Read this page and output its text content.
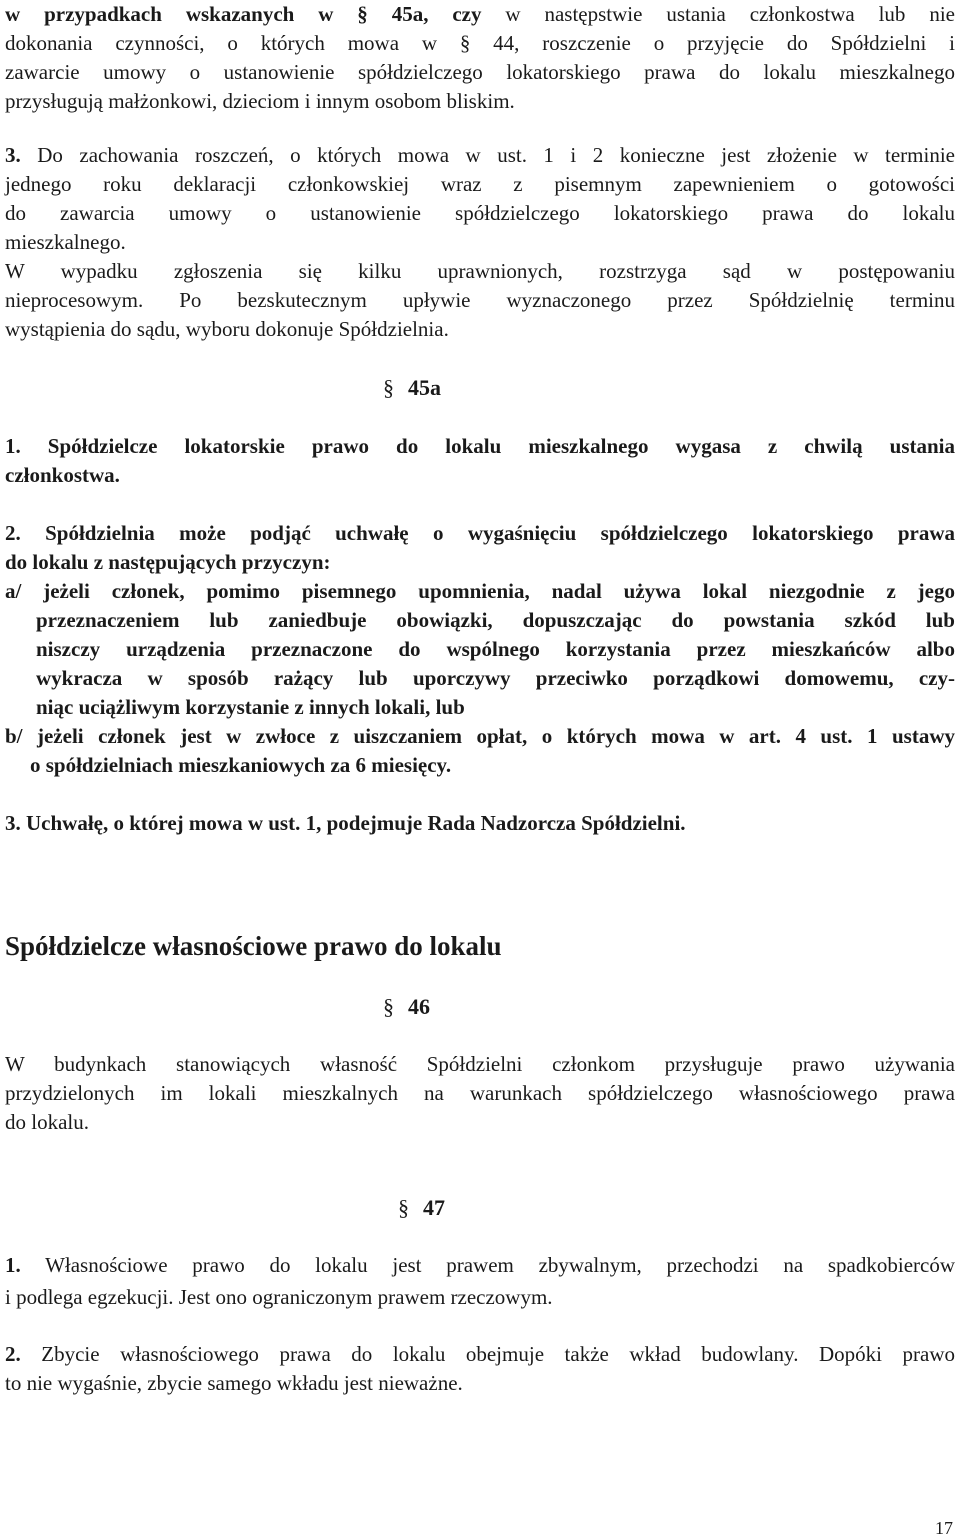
w przypadkach wskazanych w § 45a, czy w następstwie ustania członkostwa lub nie
dokonania czynności, o których mowa w § 44, roszczenie o przyjęcie do Spółdzielni i
zawarcie umowy o ustanowienie spółdzielczego lokatorskiego prawa do lokalu mieszkalnego
przysługują małżonkowi, dzieciom i innym osobom bliskim.
3. Do zachowania roszczeń, o których mowa w ust. 1 i 2 konieczne jest złożenie w terminie
jednego roku deklaracji członkowskiej wraz z pisemnym zapewnieniem o gotowości
do zawarcia umowy o ustanowienie spółdzielczego lokatorskiego prawa do lokalu
mieszkalnego.
W wypadku zgłoszenia się kilku uprawnionych, rozstrzyga sąd w postępowaniu
nieprocesowym. Po bezskutecznym upływie wyznaczonego przez Spółdzielnię terminu
wystąpienia do sądu, wyboru dokonuje Spółdzielnia.
§ 45a
1. Spółdzielcze lokatorskie prawo do lokalu mieszkalnego wygasa z chwilą ustania
członkostwa.
2. Spółdzielnia może podjąć uchwałę o wygaśnięciu spółdzielczego lokatorskiego prawa
do lokalu z następujących przyczyn:
a/ jeżeli członek, pomimo pisemnego upomnienia, nadal używa lokal niezgodnie z jego
przeznaczeniem lub zaniedbuje obowiązki, dopuszczając do powstania szkód lub
niszczy urządzenia przeznaczone do wspólnego korzystania przez mieszkańców albo
wykracza w sposób rażący lub uporczywy przeciwko porządkowi domowemu, czy-
niąc uciążliwym korzystanie z innych lokali, lub
b/ jeżeli członek jest w zwłoce z uiszczaniem opłat, o których mowa w art. 4 ust. 1 ustawy
o spółdzielniach mieszkaniowych za 6 miesięcy.
3. Uchwałę, o której mowa w ust. 1, podejmuje Rada Nadzorcza Spółdzielni.
Spółdzielcze własnościowe prawo do lokalu
§ 46
W budynkach stanowiących własność Spółdzielni członkom przysługuje prawo używania
przydzielonych im lokali mieszkalnych na warunkach spółdzielczego własnościowego prawa
do lokalu.
§ 47
1. Własnościowe prawo do lokalu jest prawem zbywalnym, przechodzi na spadkobierców
i podlega egzekucji. Jest ono ograniczonym prawem rzeczowym.
2. Zbycie własnościowego prawa do lokalu obejmuje także wkład budowlany. Dopóki prawo
to nie wygaśnie, zbycie samego wkładu jest nieważne.
17
